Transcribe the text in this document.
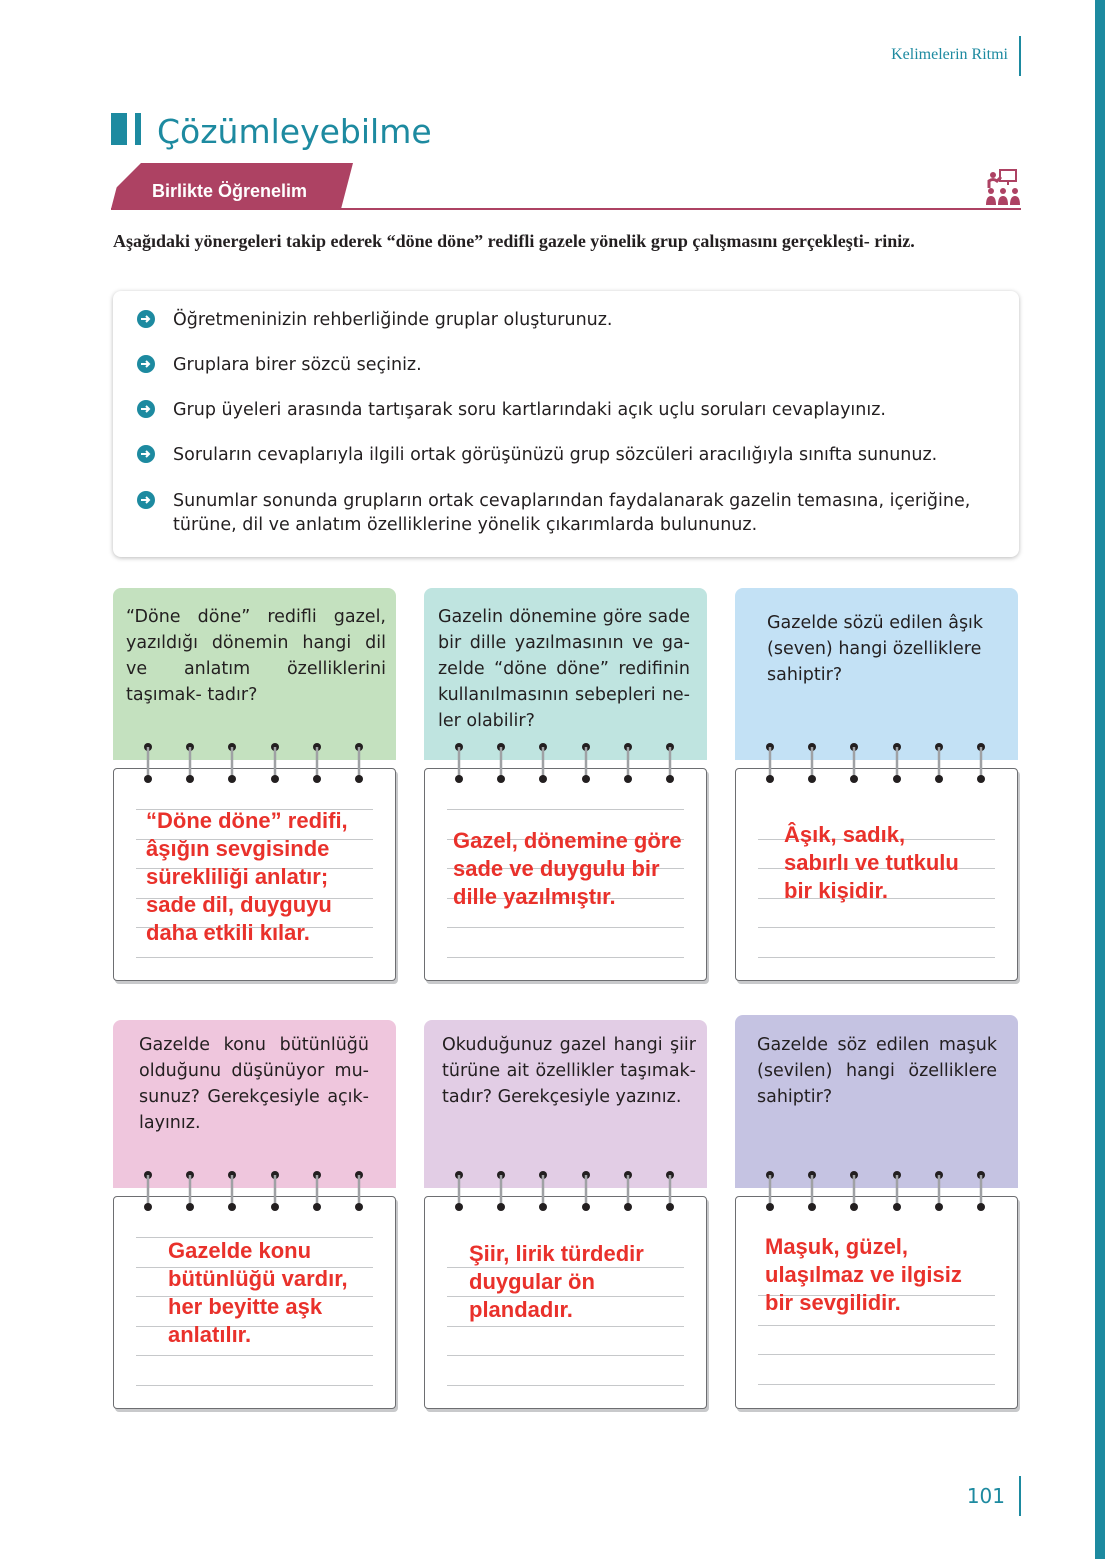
Kelimelerin Ritmi
Çözümleyebilme
Birlikte Öğrenelim
Aşağıdaki yönergeleri takip ederek “döne döne” redifli gazele yönelik grup çalışmasını gerçekleşti- riniz.
Öğretmeninizin rehberliğinde gruplar oluşturunuz.
Gruplara birer sözcü seçiniz.
Grup üyeleri arasında tartışarak soru kartlarındaki açık uçlu soruları cevaplayınız.
Soruların cevaplarıyla ilgili ortak görüşünüzü grup sözcüleri aracılığıyla sınıfta sununuz.
Sunumlar sonunda grupların ortak cevaplarından faydalanarak gazelin temasına, içeriğine, türüne, dil ve anlatım özelliklerine yönelik çıkarımlarda bulununuz.
“Döne döne” redifli gazel, yazıldığı dönemin hangi dil ve anlatım özelliklerini taşımak- tadır?
“Döne döne” redifi,
âşığın sevgisinde
sürekliliği anlatır;
sade dil, duyguyu
daha etkili kılar.
Gazelin dönemine göre sade bir dille yazılmasının ve ga- zelde “döne döne” redifinin kullanılmasının sebepleri ne- ler olabilir?
Gazel, dönemine göre
sade ve duygulu bir
dille yazılmıştır.
Gazelde sözü edilen âşık (seven) hangi özelliklere sahiptir?
Âşık, sadık,
sabırlı ve tutkulu
bir kişidir.
Gazelde konu bütünlüğü olduğunu düşünüyor mu- sunuz? Gerekçesiyle açık- layınız.
Gazelde konu
bütünlüğü vardır,
her beyitte aşk
anlatılır.
Okuduğunuz gazel hangi şiir türüne ait özellikler taşımak- tadır? Gerekçesiyle yazınız.
Şiir, lirik türdedir
duygular ön
plandadır.
Gazelde söz edilen maşuk (sevilen) hangi özelliklere sahiptir?
Maşuk, güzel,
ulaşılmaz ve ilgisiz
bir sevgilidir.
101
